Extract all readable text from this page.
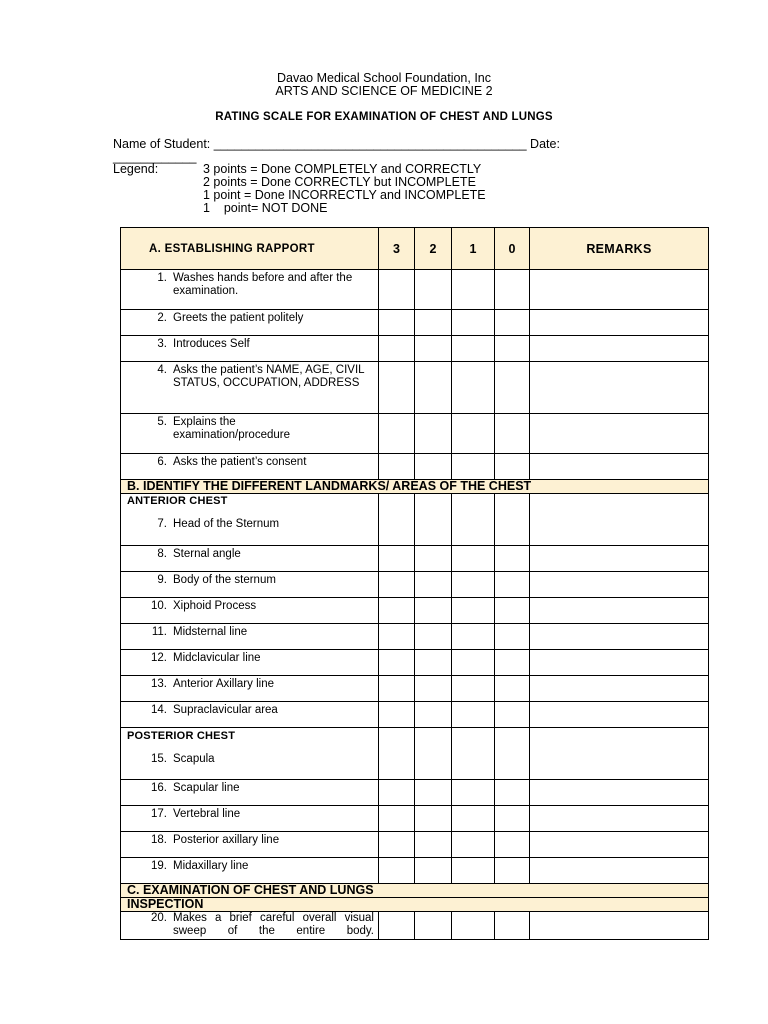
Davao Medical School Foundation, Inc
ARTS AND SCIENCE OF MEDICINE 2
RATING SCALE FOR EXAMINATION OF CHEST AND LUNGS
Name of Student: _____________________________________________ Date:
____________
Legend:	3 points = Done COMPLETELY and CORRECTLY
2 points = Done CORRECTLY but INCOMPLETE
1 point = Done INCORRECTLY and INCOMPLETE
1    point= NOT DONE
A. ESTABLISHING RAPPORT	3	2	1	0	REMARKS

1. Washes hands before and after the examination.					

2. Greets the patient politely					

3. Introduces Self					

4. Asks the patient’s NAME, AGE, CIVIL STATUS, OCCUPATION, ADDRESS					

5. Explains the examination/procedure					

6. Asks the patient’s consent					

B. IDENTIFY THE DIFFERENT LANDMARKS/ AREAS OF THE CHEST					

ANTERIOR CHEST
7. Head of the Sternum					

8. Sternal angle					

9. Body of the sternum					

10. Xiphoid Process					

11. Midsternal line					

12. Midclavicular line					

13. Anterior Axillary line					

14. Supraclavicular area					

POSTERIOR CHEST
15. Scapula					

16. Scapular line					

17. Vertebral line					

18. Posterior axillary line					

19. Midaxillary line					

C. EXAMINATION OF CHEST AND LUNGS					
INSPECTION					

20. Makes a brief careful overall visual sweep of the entire body.					
